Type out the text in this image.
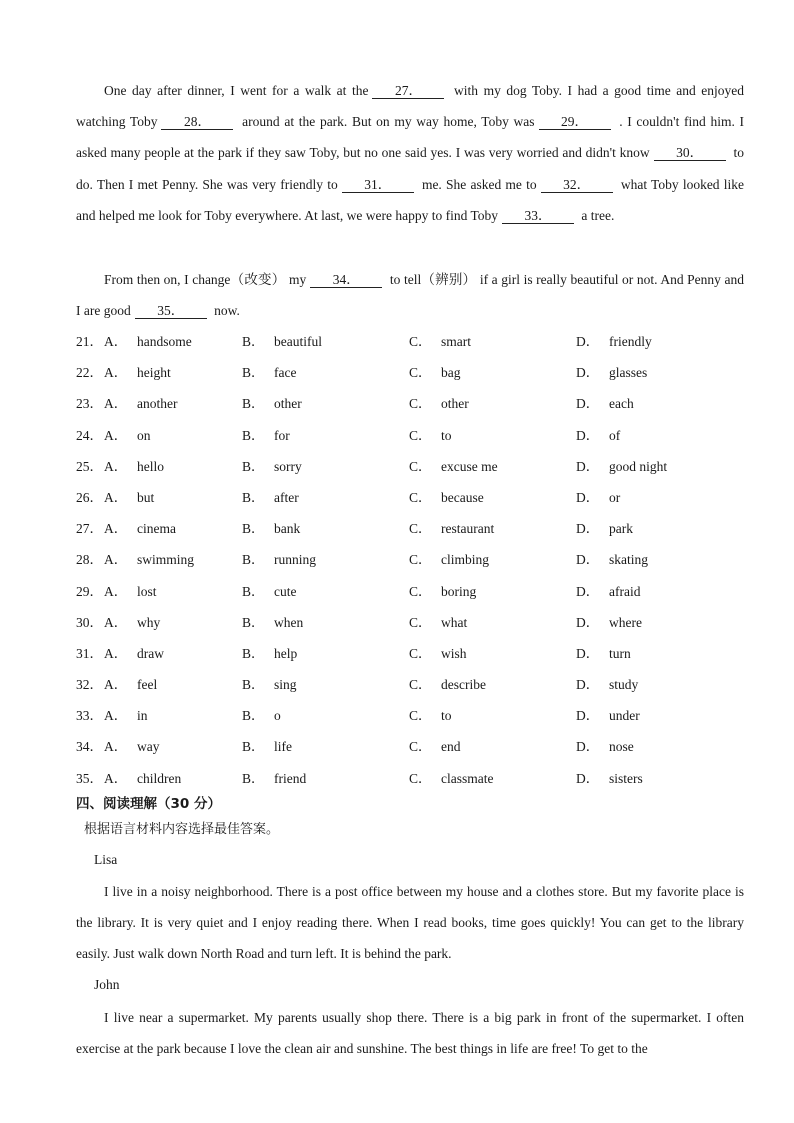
One day after dinner, I went for a walk at the 27． with my dog Toby. I had a good time and enjoyed watching Toby 28． around at the park. But on my way home, Toby was 29． . I couldn't find him. I asked many people at the park if they saw Toby, but no one said yes. I was very worried and didn't know 30． to do. Then I met Penny. She was very friendly to 31． me. She asked me to 32． what Toby looked like and helped me look for Toby everywhere. At last, we were happy to find Toby 33． a tree.

From then on, I change（改变） my 34． to tell（辨别） if a girl is really beautiful or not. And Penny and I are good 35． now.

21． A． handsome	B． beautiful	C． smart	D． friendly
22． A． height	B． face	C． bag	D． glasses
23． A． another	B． other	C． other	D． each
24． A． on	B． for	C． to	D． of
25． A． hello	B． sorry	C． excuse me	D． good night
26． A． but	B． after	C． because	D． or
27． A． cinema	B． bank	C． restaurant	D． park
28． A． swimming	B． running	C． climbing	D． skating
29． A． lost	B． cute	C． boring	D． afraid
30． A． why	B． when	C． what	D． where
31． A． draw	B． help	C． wish	D． turn
32． A． feel	B． sing	C． describe	D． study
33． A． in	B． o	C． to	D． under
34． A． way	B． life	C． end	D． nose
35． A． children	B． friend	C． classmate	D． sisters
四、阅读理解（30 分）
根据语言材料内容选择最佳答案。
Lisa

I live in a noisy neighborhood. There is a post office between my house and a clothes store. But my favorite place is the library. It is very quiet and I enjoy reading there. When I read books, time goes quickly! You can get to the library easily. Just walk down North Road and turn left. It is behind the park.

John

I live near a supermarket. My parents usually shop there. There is a big park in front of the supermarket. I often exercise at the park because I love the clean air and sunshine. The best things in life are free! To get to the
